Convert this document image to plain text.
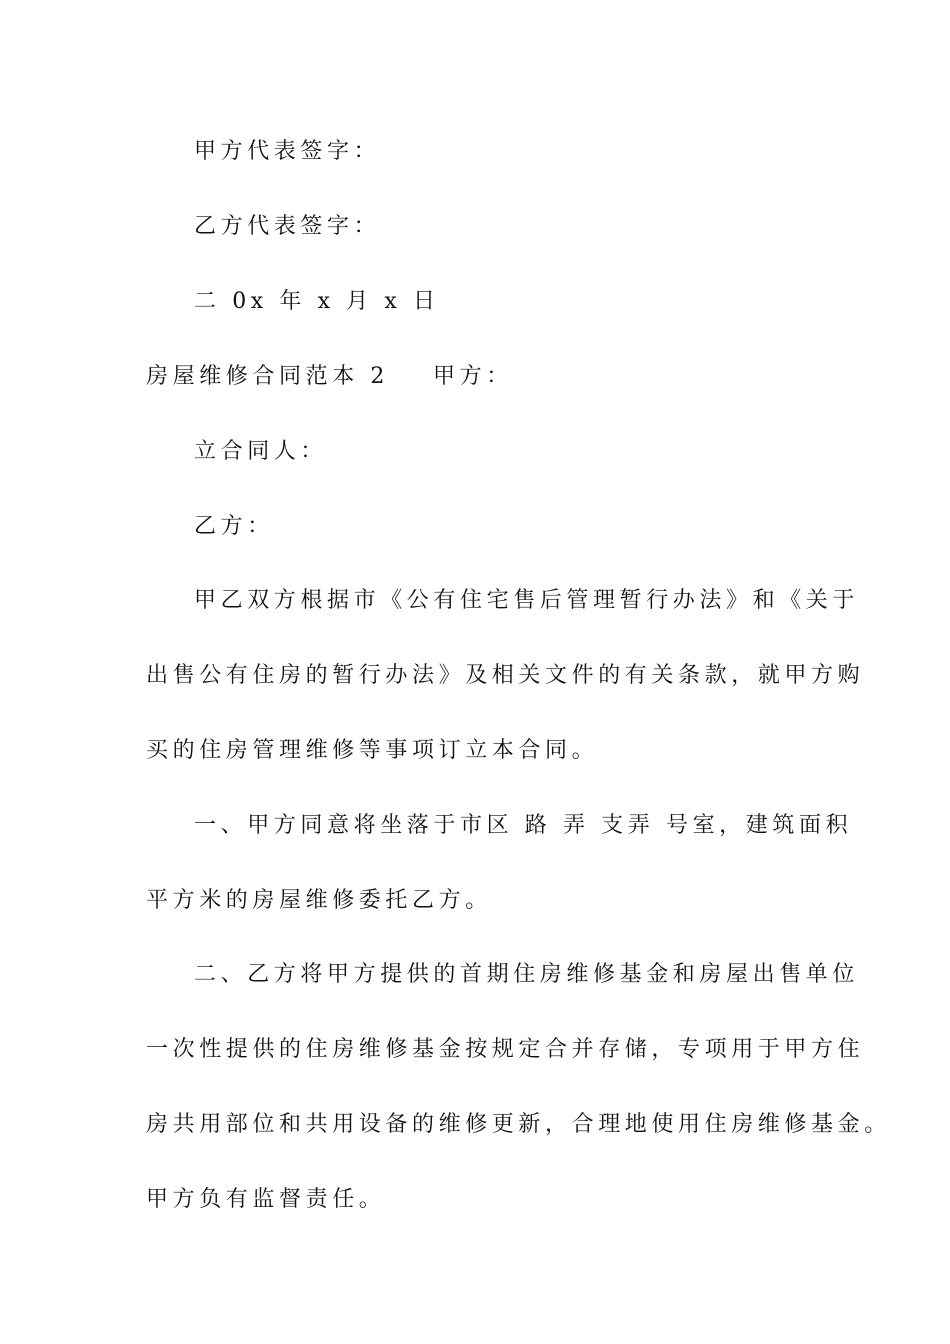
甲方代表签字：
乙方代表签字：
二 0x 年 x 月 x 日
房屋维修合同范本 2 甲方：
立合同人：
乙方：
甲乙双方根据市《公有住宅售后管理暂行办法》和《关于
出售公有住房的暂行办法》及相关文件的有关条款，就甲方购
买的住房管理维修等事项订立本合同。
一、甲方同意将坐落于市区 路 弄 支弄 号室，建筑面积
平方米的房屋维修委托乙方。
二、乙方将甲方提供的首期住房维修基金和房屋出售单位
一次性提供的住房维修基金按规定合并存储，专项用于甲方住
房共用部位和共用设备的维修更新，合理地使用住房维修基金。
甲方负有监督责任。
